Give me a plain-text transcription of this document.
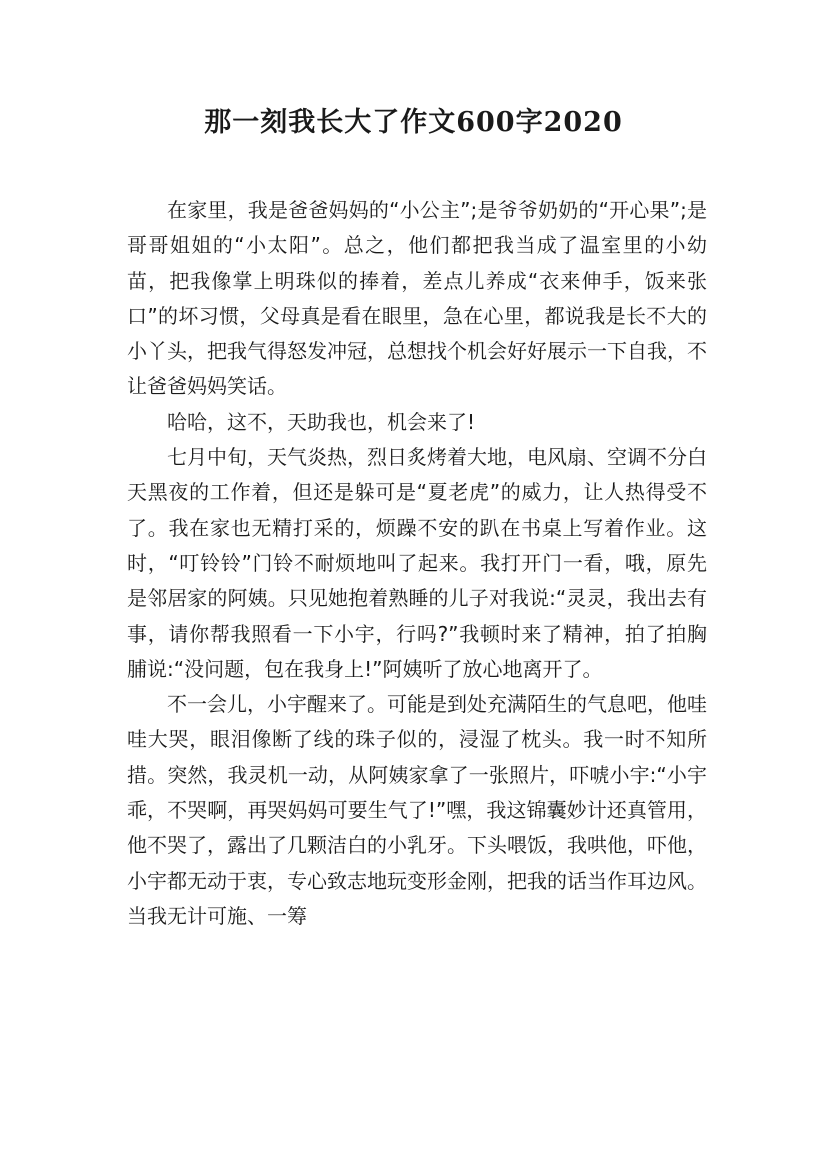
那一刻我长大了作文600字2020

在家里，我是爸爸妈妈的“小公主”;是爷爷奶奶的“开心果”;是哥哥姐姐的“小太阳”。总之，他们都把我当成了温室里的小幼苗，把我像掌上明珠似的捧着，差点儿养成“衣来伸手，饭来张口”的坏习惯，父母真是看在眼里，急在心里，都说我是长不大的小丫头，把我气得怒发冲冠，总想找个机会好好展示一下自我，不让爸爸妈妈笑话。

哈哈，这不，天助我也，机会来了!

七月中旬，天气炎热，烈日炙烤着大地，电风扇、空调不分白天黑夜的工作着，但还是躲可是“夏老虎”的威力，让人热得受不了。我在家也无精打采的，烦躁不安的趴在书桌上写着作业。这时，“叮铃铃”门铃不耐烦地叫了起来。我打开门一看，哦，原先是邻居家的阿姨。只见她抱着熟睡的儿子对我说:“灵灵，我出去有事，请你帮我照看一下小宇，行吗?”我顿时来了精神，拍了拍胸脯说:“没问题，包在我身上!”阿姨听了放心地离开了。

不一会儿，小宇醒来了。可能是到处充满陌生的气息吧，他哇哇大哭，眼泪像断了线的珠子似的，浸湿了枕头。我一时不知所措。突然，我灵机一动，从阿姨家拿了一张照片，吓唬小宇:“小宇乖，不哭啊，再哭妈妈可要生气了!”嘿，我这锦囊妙计还真管用，他不哭了，露出了几颗洁白的小乳牙。下头喂饭，我哄他，吓他，小宇都无动于衷，专心致志地玩变形金刚，把我的话当作耳边风。当我无计可施、一筹
